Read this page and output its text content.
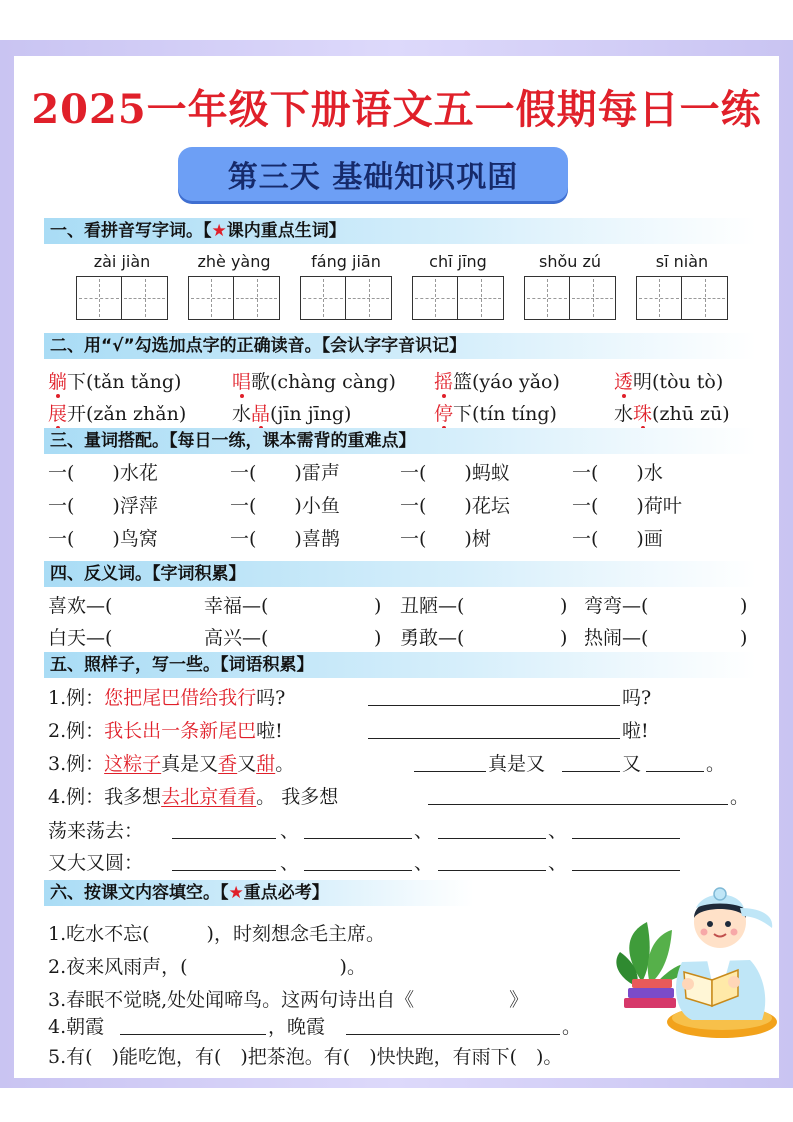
2025一年级下册语文五一假期每日一练
第三天 基础知识巩固
一、看拼音写字词。【★课内重点生词】
zài jiàn	zhè yàng	fáng jiān	chī jīng	shǒu zú	sī niàn
二、用“√”勾选加点字的正确读音。【会认字字音识记】
躺下(tǎn tǎng)	唱歌(chàng càng) 摇篮(yáo yǎo)	透明(tòu tò)
展开(zǎn zhǎn) 水晶(jīn jīng)	停下(tín tíng)	水珠(zhū zū)
三、量词搭配。【每日一练，课本需背的重难点】
一(　　)水花	一(　　)雷声	一(　　)蚂蚁	一(　　)水
一(　　)浮萍	一(　　)小鱼	一(　　)花坛	一(　　)荷叶
一(　　)鸟窝	一(　　)喜鹊	一(　　)树	一(　　)画
四、反义词。【字词积累】
喜欢—(	幸福—(	) 丑陋—(	) 弯弯—(	)
白天—(	高兴—(	) 勇敢—(	) 热闹—(	)
五、照样子，写一些。【词语积累】
1.例：您把尾巴借给我行吗?	吗?
2.例：我长出一条新尾巴啦!	啦!
3.例：这粽子真是又香又甜。	真是又	又	。
4.例：我多想去北京看看。 我多想	。
荡来荡去：	、	、	、
又大又圆：	、	、	、
六、按课文内容填空。【★重点必考】
1.吃水不忘(　　　)，时刻想念毛主席。
2.夜来风雨声，(　　　　　　　　)。
3.春眠不觉晓,处处闻啼鸟。这两句诗出自《　　　　　》
4.朝霞	，晚霞	。
5.有(　)能吃饱，有(　)把茶泡。有(　)快快跑，有雨下(　)。
